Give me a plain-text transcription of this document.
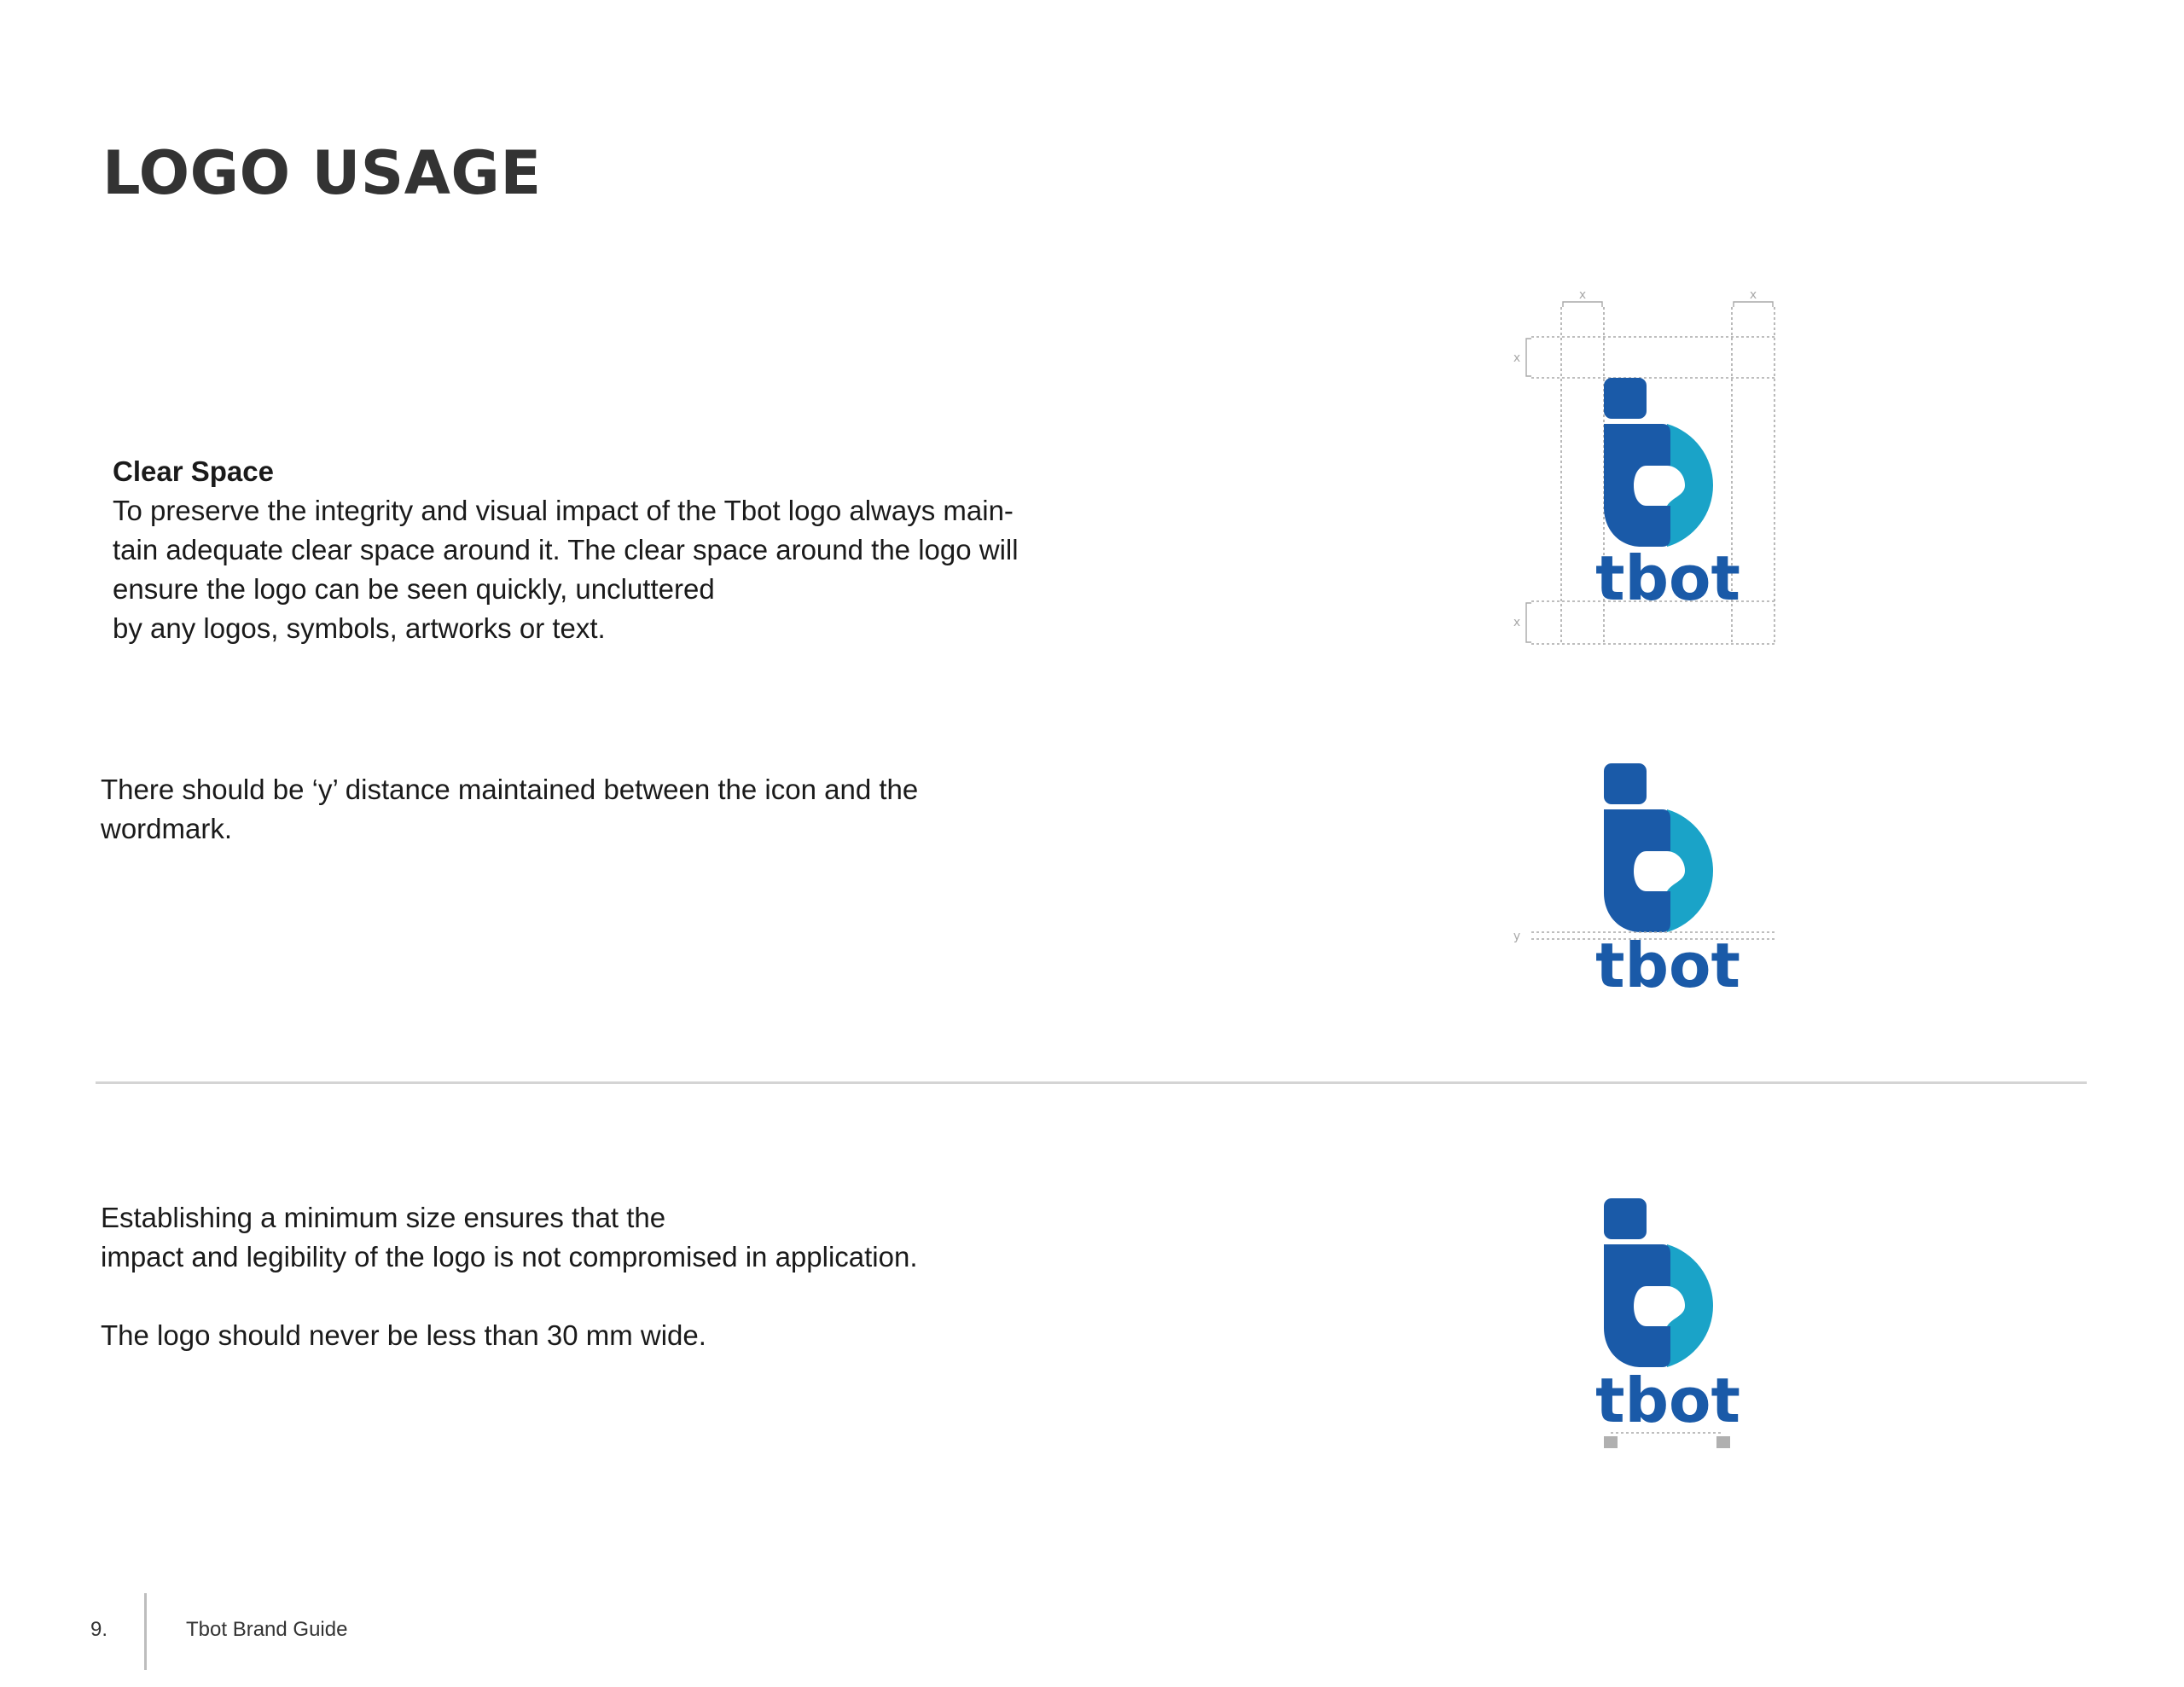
LOGO USAGE

Clear Space

To preserve the integrity and visual impact of the Tbot logo always main-

tain adequate clear space around it. The clear space around the logo will

ensure the logo can be seen quickly, uncluttered

by any logos, symbols, artworks or text.

There should be ‘y’ distance maintained between the icon and the

wordmark.

Establishing a minimum size ensures that the

impact and legibility of the logo is not compromised in application.

The logo should never be less than 30 mm wide.

x	x
x
x
tbot
tbot
y
tbot
9.	Tbot Brand Guide
